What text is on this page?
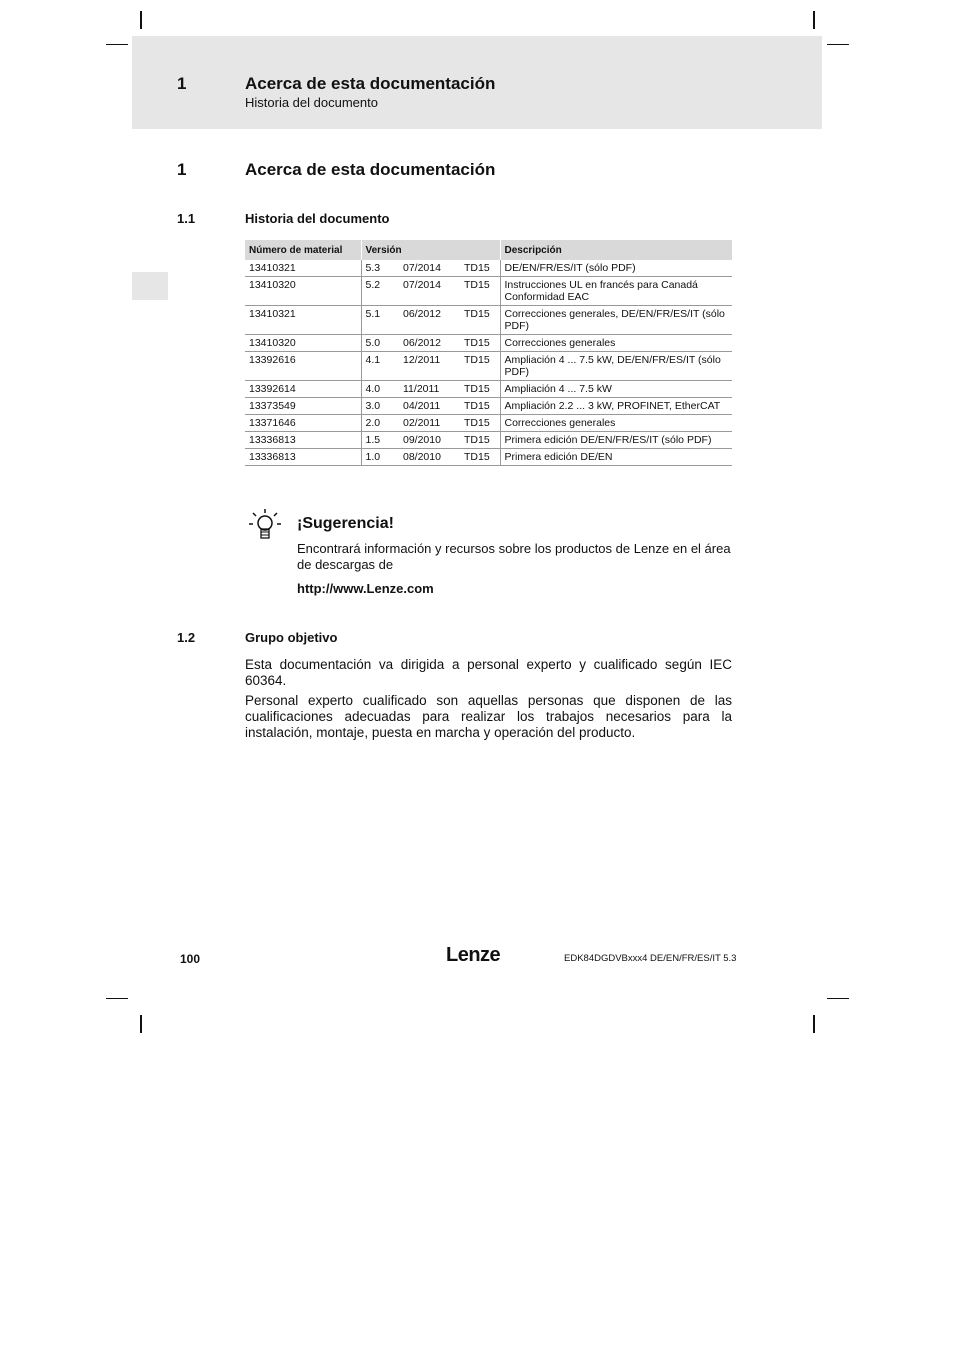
1	Acerca de esta documentación
Historia del documento
1	Acerca de esta documentación
1.1	Historia del documento
Número de material	Versión			Descripción
13410321	5.3	07/2014	TD15	DE/EN/FR/ES/IT (sólo PDF)
13410320	5.2	07/2014	TD15	Instrucciones UL en francés para Canadá Conformidad EAC
13410321	5.1	06/2012	TD15	Correcciones generales, DE/EN/FR/ES/IT (sólo PDF)
13410320	5.0	06/2012	TD15	Correcciones generales
13392616	4.1	12/2011	TD15	Ampliación 4 ... 7.5 kW, DE/EN/FR/ES/IT (sólo PDF)
13392614	4.0	11/2011	TD15	Ampliación 4 ... 7.5 kW
13373549	3.0	04/2011	TD15	Ampliación 2.2 ... 3 kW, PROFINET, EtherCAT
13371646	2.0	02/2011	TD15	Correcciones generales
13336813	1.5	09/2010	TD15	Primera edición DE/EN/FR/ES/IT (sólo PDF)
13336813	1.0	08/2010	TD15	Primera edición DE/EN
¡Sugerencia!
Encontrará información y recursos sobre los productos de Lenze en el área de descargas de
http://www.Lenze.com
1.2	Grupo objetivo
Esta documentación va dirigida a personal experto y cualificado según IEC 60364.
Personal experto cualificado son aquellas personas que disponen de las cualificaciones adecuadas para realizar los trabajos necesarios para la instalación, montaje, puesta en marcha y operación del producto.
100	Lenze	EDK84DGDVBxxx4 DE/EN/FR/ES/IT 5.3
